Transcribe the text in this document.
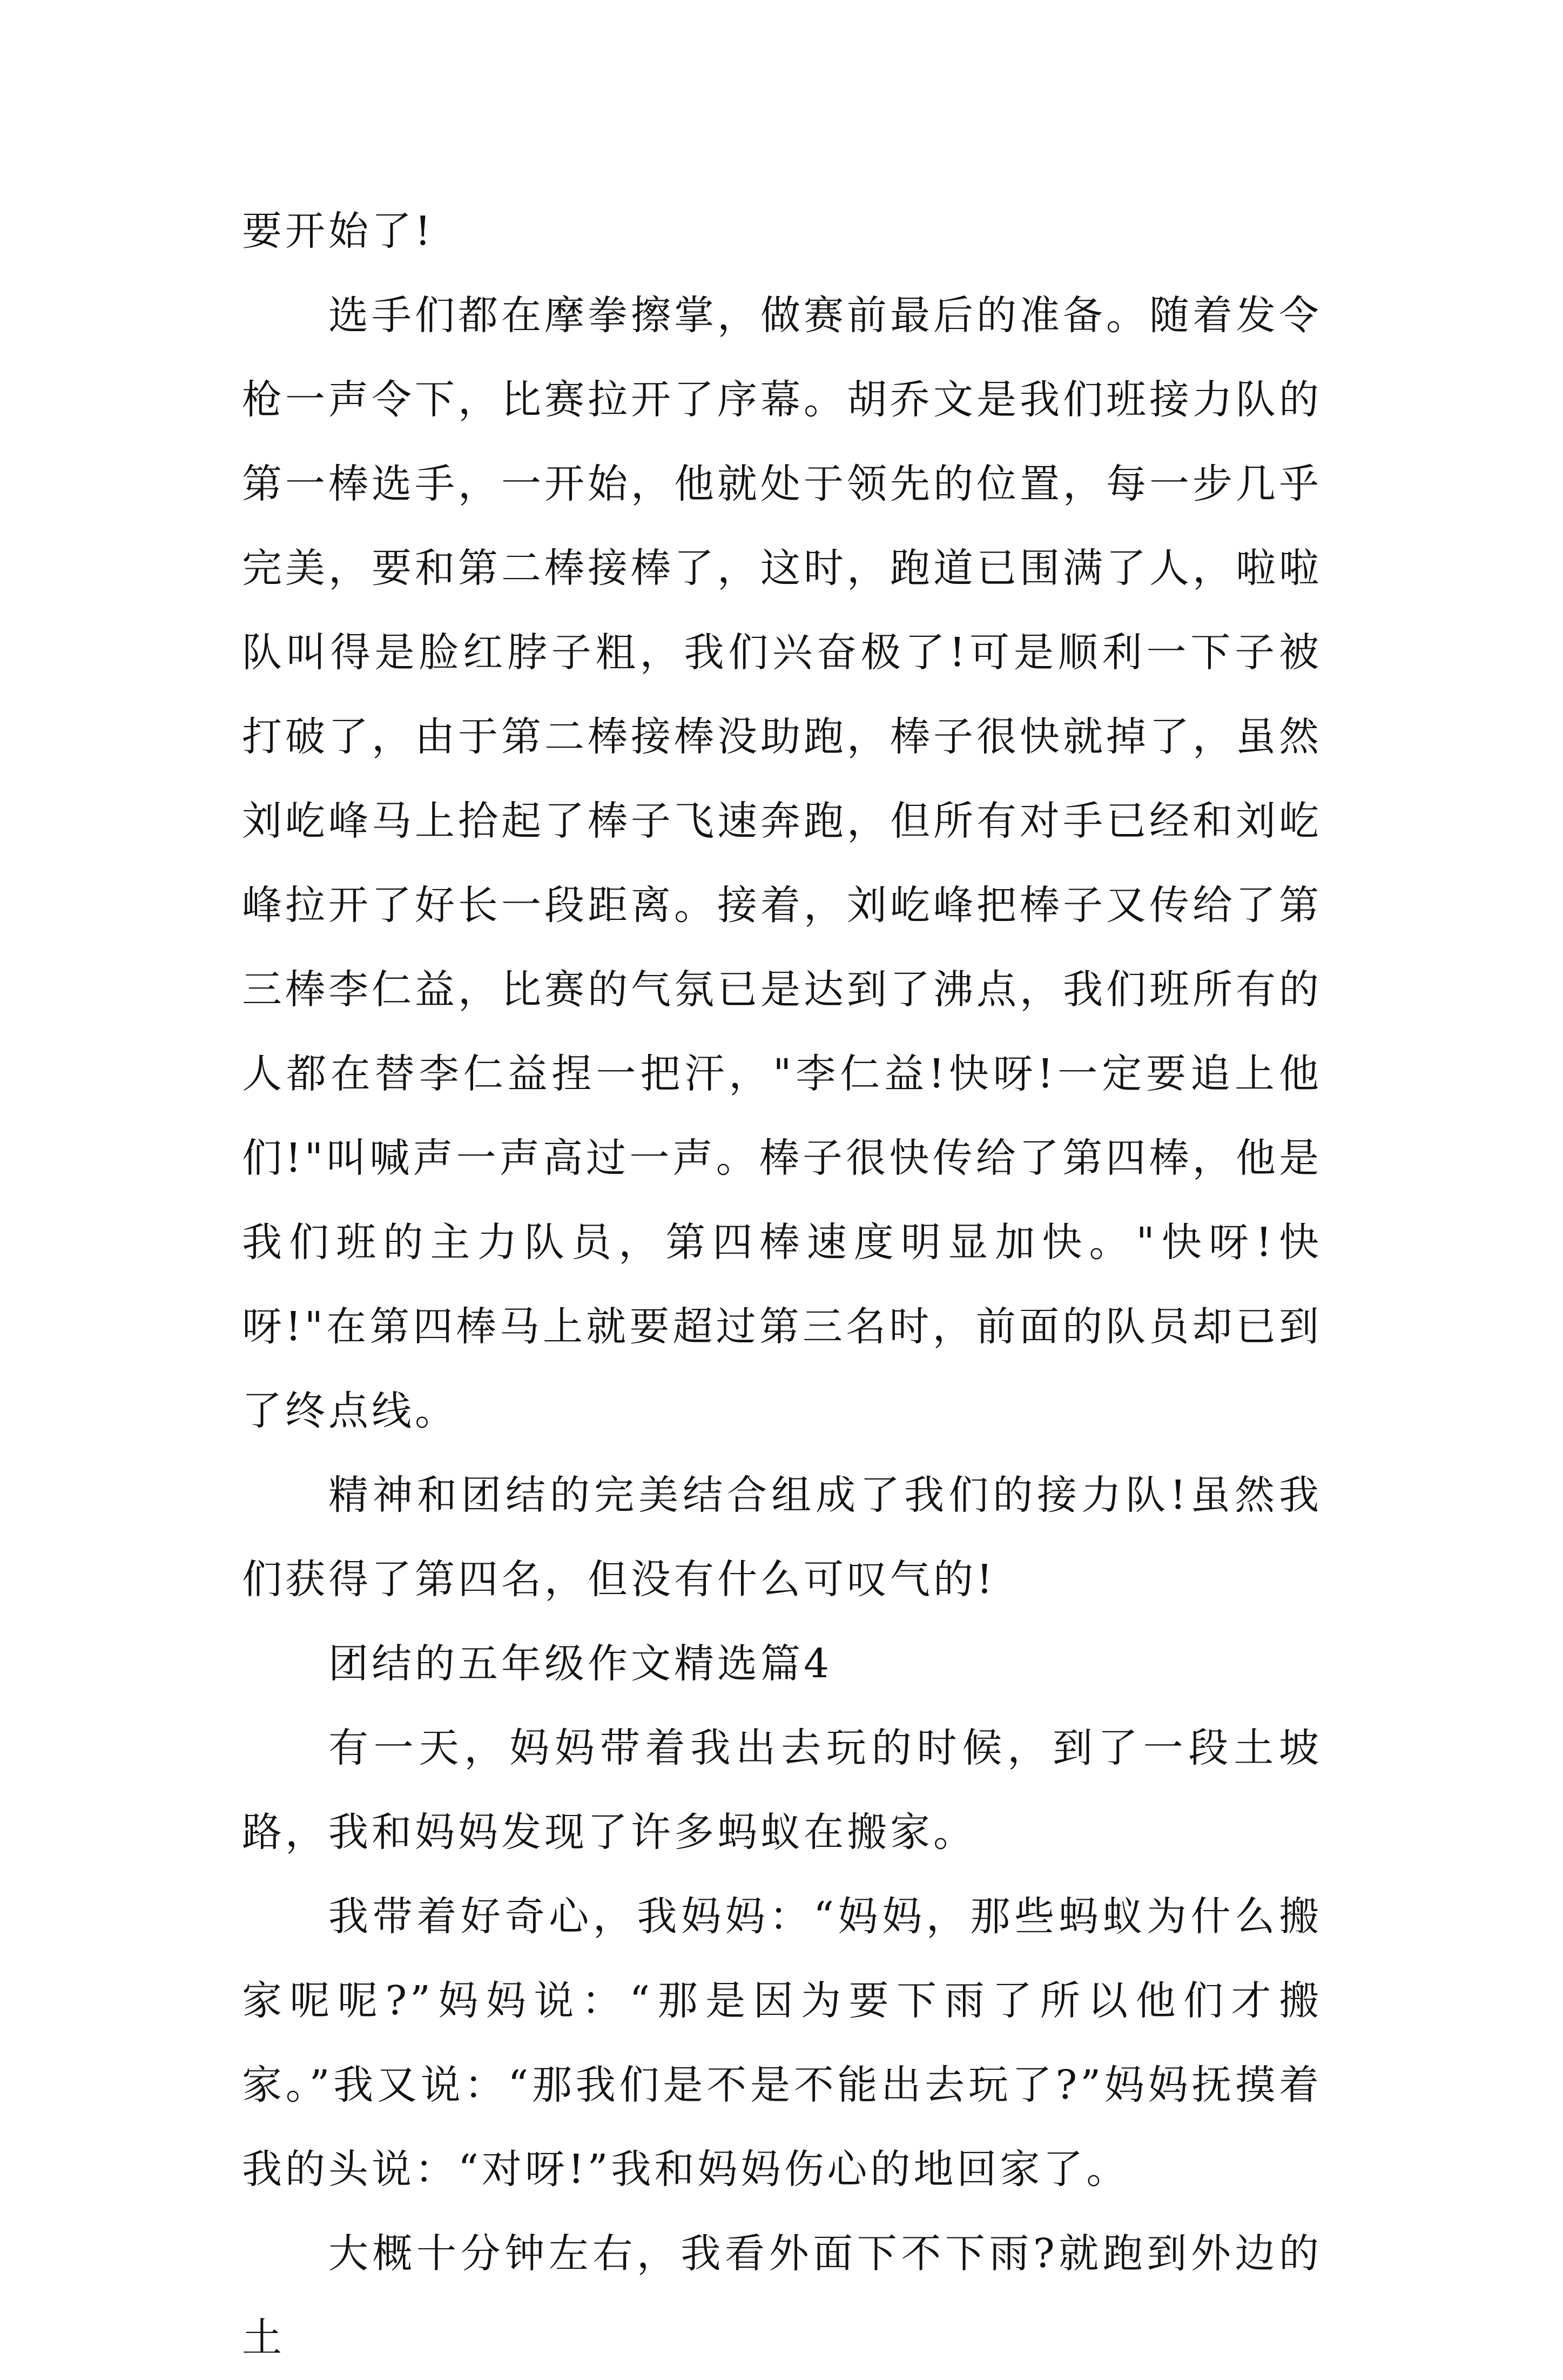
要开始了!

选手们都在摩拳擦掌，做赛前最后的准备。随着发令枪一声令下，比赛拉开了序幕。胡乔文是我们班接力队的第一棒选手，一开始，他就处于领先的位置，每一步几乎完美，要和第二棒接棒了，这时，跑道已围满了人，啦啦队叫得是脸红脖子粗，我们兴奋极了!可是顺利一下子被打破了，由于第二棒接棒没助跑，棒子很快就掉了，虽然刘屹峰马上拾起了棒子飞速奔跑，但所有对手已经和刘屹峰拉开了好长一段距离。接着，刘屹峰把棒子又传给了第三棒李仁益，比赛的气氛已是达到了沸点，我们班所有的人都在替李仁益捏一把汗，"李仁益!快呀!一定要追上他们!"叫喊声一声高过一声。棒子很快传给了第四棒，他是我们班的主力队员，第四棒速度明显加快。"快呀!快呀!"在第四棒马上就要超过第三名时，前面的队员却已到了终点线。

精神和团结的完美结合组成了我们的接力队!虽然我们获得了第四名，但没有什么可叹气的!

团结的五年级作文精选篇4

有一天，妈妈带着我出去玩的时候，到了一段土坡路，我和妈妈发现了许多蚂蚁在搬家。

我带着好奇心，我妈妈：“妈妈，那些蚂蚁为什么搬家呢呢?”妈妈说：“那是因为要下雨了所以他们才搬家。”我又说：“那我们是不是不能出去玩了?”妈妈抚摸着我的头说：“对呀!”我和妈妈伤心的地回家了。

大概十分钟左右，我看外面下不下雨?就跑到外边的土
